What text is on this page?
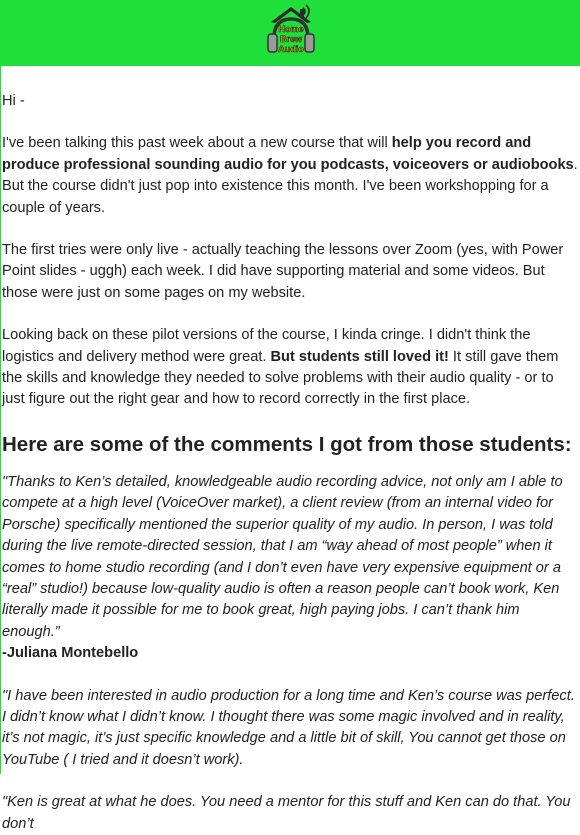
Home
Brew
Audio

Hi -

I've been talking this past week about a new course that will help you record and produce professional sounding audio for you podcasts, voiceovers or audiobooks. But the course didn't just pop into existence this month. I've been workshopping for a couple of years.

The first tries were only live - actually teaching the lessons over Zoom (yes, with Power Point slides - uggh) each week. I did have supporting material and some videos. But those were just on some pages on my website.

Looking back on these pilot versions of the course, I kinda cringe. I didn't think the logistics and delivery method were great. But students still loved it! It still gave them the skills and knowledge they needed to solve problems with their audio quality - or to just figure out the right gear and how to record correctly in the first place.

Here are some of the comments I got from those students:

"Thanks to Ken’s detailed, knowledgeable audio recording advice, not only am I able to compete at a high level (VoiceOver market), a client review (from an internal video for Porsche) specifically mentioned the superior quality of my audio. In person, I was told during the live remote-directed session, that I am “way ahead of most people” when it comes to home studio recording (and I don’t even have very expensive equipment or a “real” studio!) because low-quality audio is often a reason people can’t book work, Ken literally made it possible for me to book great, high paying jobs. I can’t thank him enough.”
-Juliana Montebello

"I have been interested in audio production for a long time and Ken’s course was perfect. I didn’t know what I didn’t know. I thought there was some magic involved and in reality, it’s not magic, it’s just specific knowledge and a little bit of skill, You cannot get those on YouTube ( I tried and it doesn’t work).

"Ken is great at what he does. You need a mentor for this stuff and Ken can do that. You don’t
